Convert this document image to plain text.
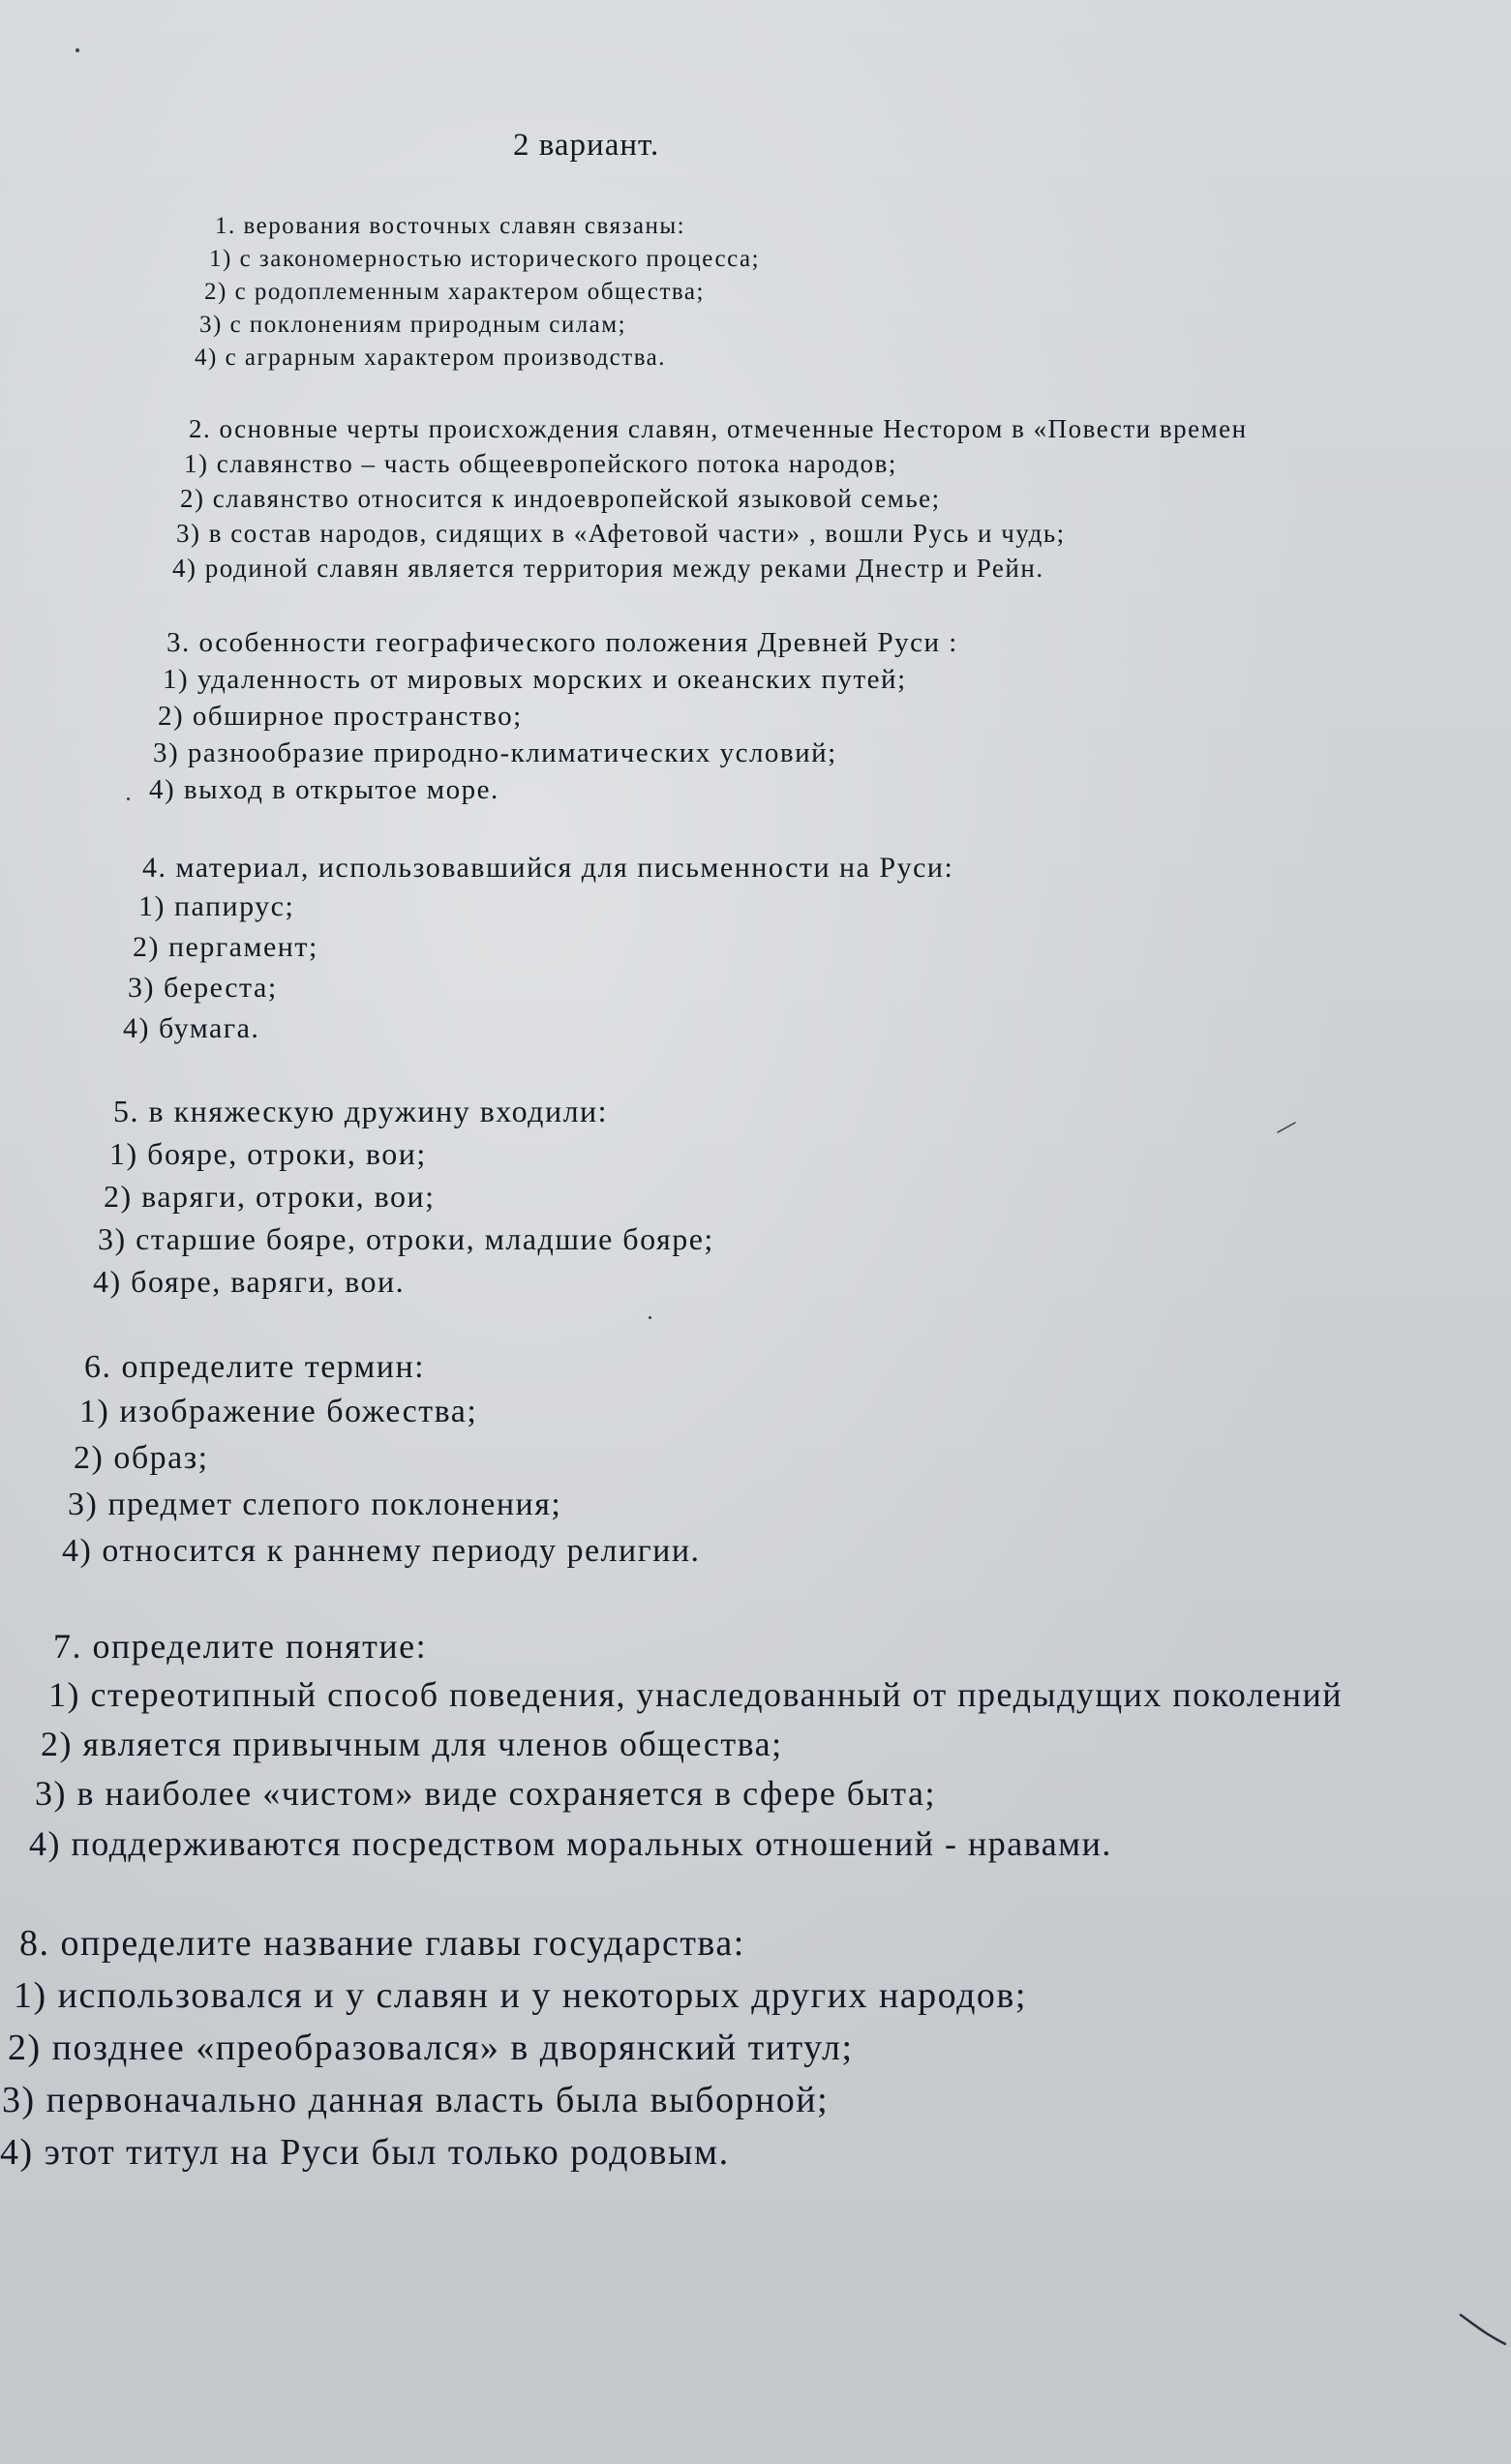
2 вариант.
1. верования восточных славян связаны:
1) с закономерностью исторического процесса;
2) с родоплеменным характером общества;
3) с поклонениям природным силам;
4) с аграрным характером производства.
2. основные черты происхождения славян, отмеченные Нестором в «Повести времен
1) славянство – часть общеевропейского потока народов;
2) славянство относится к индоевропейской языковой семье;
3) в состав народов, сидящих в «Афетовой части» , вошли Русь и чудь;
4) родиной славян является территория между реками Днестр и Рейн.
3. особенности географического положения Древней Руси :
1) удаленность от мировых морских и океанских путей;
2) обширное пространство;
3) разнообразие природно-климатических условий;
4) выход в открытое море.
4. материал, использовавшийся для письменности на Руси:
1) папирус;
2) пергамент;
3) береста;
4) бумага.
5. в княжескую дружину входили:
1) бояре, отроки, вои;
2) варяги, отроки, вои;
3) старшие бояре, отроки, младшие бояре;
4) бояре, варяги, вои.
6. определите термин:
1) изображение божества;
2) образ;
3) предмет слепого поклонения;
4) относится к раннему периоду религии.
7. определите понятие:
1) стереотипный способ поведения, унаследованный от предыдущих поколений
2) является привычным для членов общества;
3) в наиболее «чистом» виде сохраняется в сфере быта;
4) поддерживаются посредством моральных отношений - нравами.
8. определите название главы государства:
1) использовался и у славян и у некоторых других народов;
2) позднее «преобразовался» в дворянский титул;
3) первоначально данная власть была выборной;
4) этот титул на Руси был только родовым.
